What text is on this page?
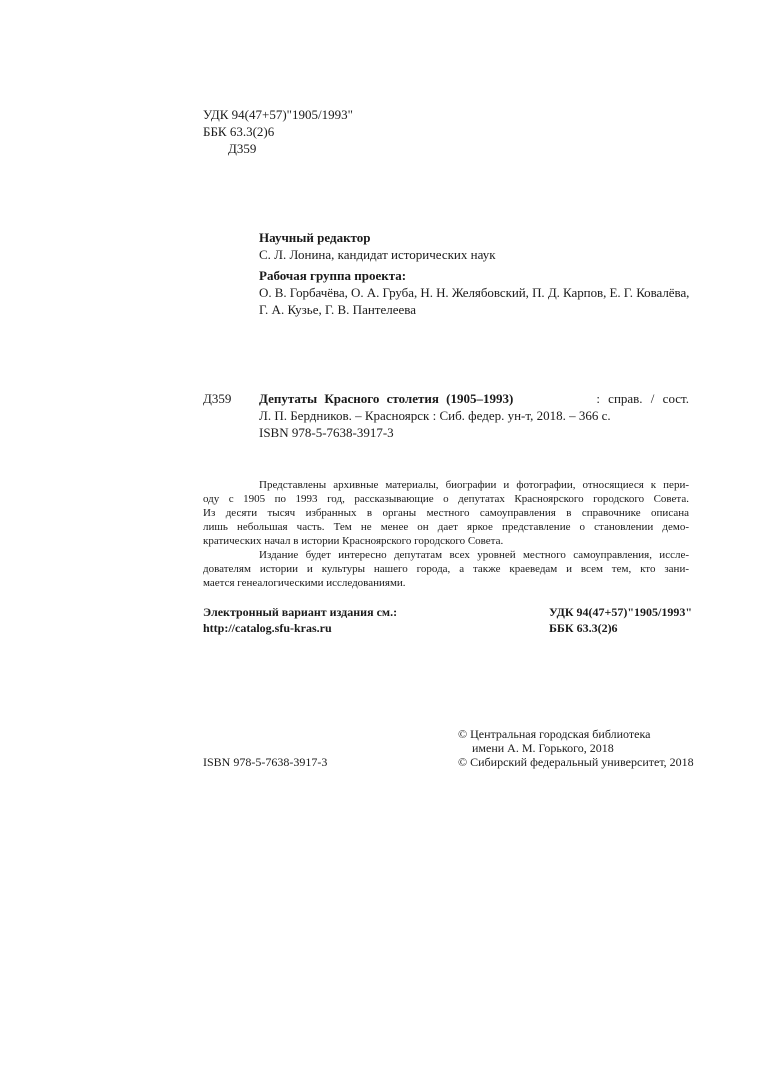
УДК 94(47+57)"1905/1993"
ББК 63.3(2)6
Д359
Научный редактор
С. Л. Лонина, кандидат исторических наук
Рабочая группа проекта:
О. В. Горбачёва, О. А. Груба, Н. Н. Желябовский, П. Д. Карпов, Е. Г. Ковалёва,
Г. А. Кузье, Г. В. Пантелеева
Д359 Депутаты Красного столетия (1905–1993)	: справ. / сост.
Л. П. Бердников. – Красноярск : Сиб. федер. ун-т, 2018. – 366 с.
ISBN 978-5-7638-3917-3
Представлены архивные материалы, биографии и фотографии, относящиеся к пери-
оду с 1905 по 1993 год, рассказывающие о депутатах Красноярского городского Совета.
Из десяти тысяч избранных в органы местного самоуправления в справочнике описана
лишь небольшая часть. Тем не менее он дает яркое представление о становлении демо-
кратических начал в истории Красноярского городского Совета.
Издание будет интересно депутатам всех уровней местного самоуправления, иссле-
дователям истории и культуры нашего города, а также краеведам и всем тем, кто зани-
мается генеалогическими исследованиями.
Электронный вариант издания см.:
http://catalog.sfu-kras.ru
УДК 94(47+57)"1905/1993"
ББК 63.3(2)6
© Центральная городская библиотека
имени А. М. Горького, 2018
© Сибирский федеральный университет, 2018
ISBN 978-5-7638-3917-3
